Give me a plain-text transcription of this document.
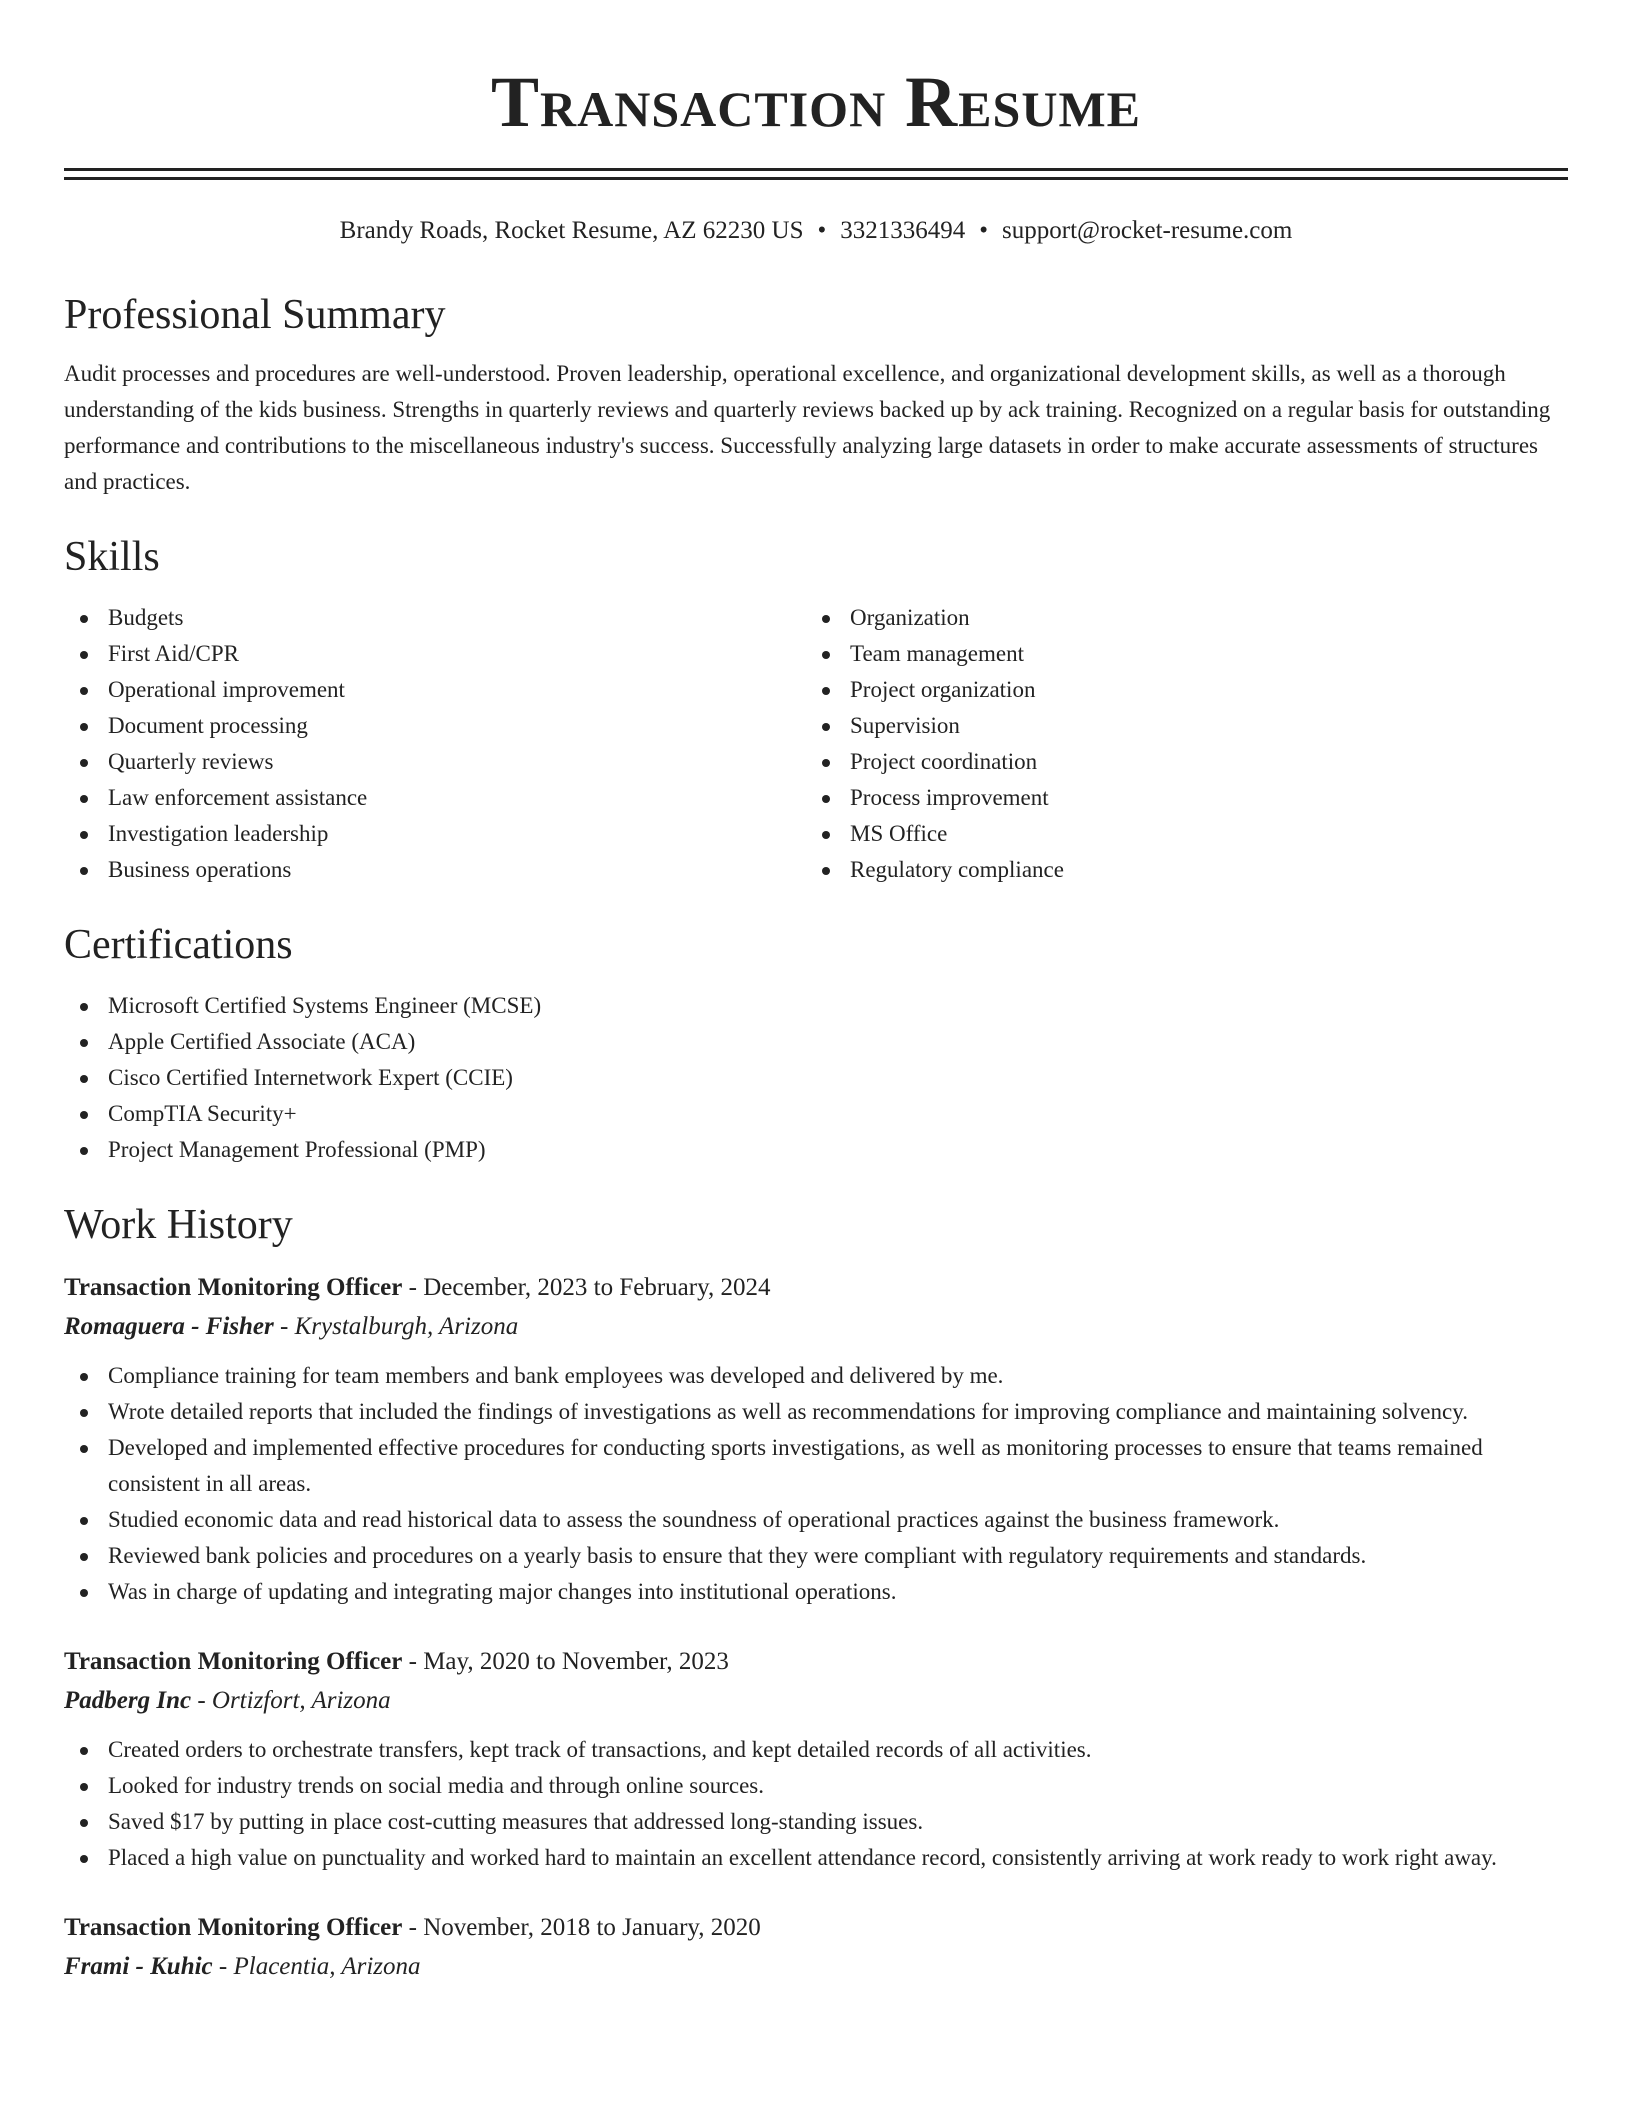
Transaction Resume
Brandy Roads, Rocket Resume, AZ 62230 US • 3321336494 • support@rocket-resume.com
Professional Summary

Audit processes and procedures are well-understood. Proven leadership, operational excellence, and organizational development skills, as well as a thorough understanding of the kids business. Strengths in quarterly reviews and quarterly reviews backed up by ack training. Recognized on a regular basis for outstanding performance and contributions to the miscellaneous industry's success. Successfully analyzing large datasets in order to make accurate assessments of structures and practices.

Skills
Budgets
First Aid/CPR
Operational improvement
Document processing
Quarterly reviews
Law enforcement assistance
Investigation leadership
Business operations
Organization
Team management
Project organization
Supervision
Project coordination
Process improvement
MS Office
Regulatory compliance
Certifications
Microsoft Certified Systems Engineer (MCSE)
Apple Certified Associate (ACA)
Cisco Certified Internetwork Expert (CCIE)
CompTIA Security+
Project Management Professional (PMP)
Work History
Transaction Monitoring Officer - December, 2023 to February, 2024
Romaguera - Fisher - Krystalburgh, Arizona
Compliance training for team members and bank employees was developed and delivered by me.
Wrote detailed reports that included the findings of investigations as well as recommendations for improving compliance and maintaining solvency.
Developed and implemented effective procedures for conducting sports investigations, as well as monitoring processes to ensure that teams remained consistent in all areas.
Studied economic data and read historical data to assess the soundness of operational practices against the business framework.
Reviewed bank policies and procedures on a yearly basis to ensure that they were compliant with regulatory requirements and standards.
Was in charge of updating and integrating major changes into institutional operations.
Transaction Monitoring Officer - May, 2020 to November, 2023
Padberg Inc - Ortizfort, Arizona
Created orders to orchestrate transfers, kept track of transactions, and kept detailed records of all activities.
Looked for industry trends on social media and through online sources.
Saved $17 by putting in place cost-cutting measures that addressed long-standing issues.
Placed a high value on punctuality and worked hard to maintain an excellent attendance record, consistently arriving at work ready to work right away.
Transaction Monitoring Officer - November, 2018 to January, 2020
Frami - Kuhic - Placentia, Arizona
